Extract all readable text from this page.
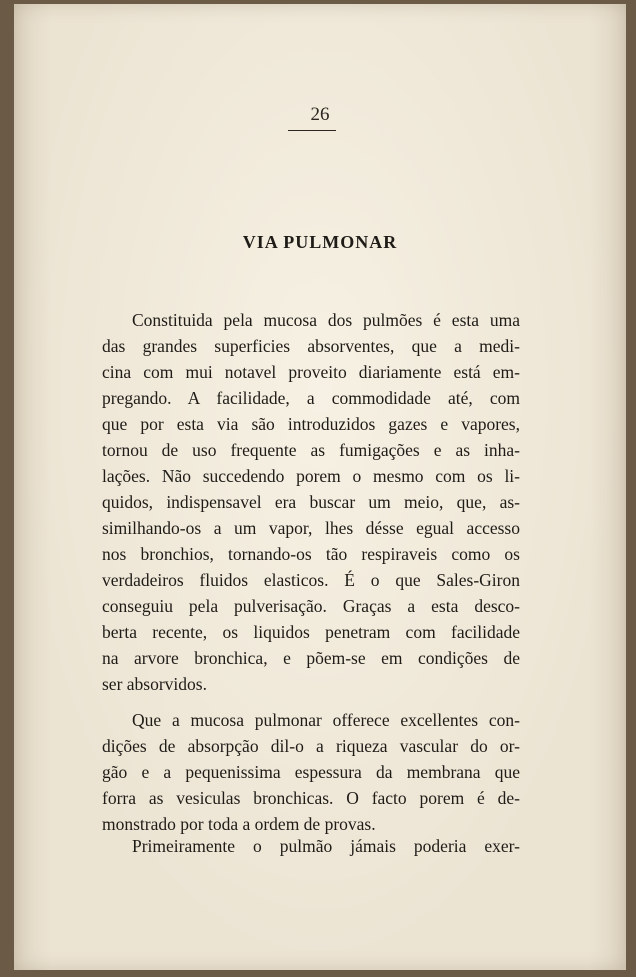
26
VIA PULMONAR
Constituida pela mucosa dos pulmões é esta uma
das grandes superficies absorventes, que a medi-
cina com mui notavel proveito diariamente está em-
pregando. A facilidade, a commodidade até, com
que por esta via são introduzidos gazes e vapores,
tornou de uso frequente as fumigações e as inha-
lações. Não succedendo porem o mesmo com os li-
quidos, indispensavel era buscar um meio, que, as-
similhando-os a um vapor, lhes désse egual accesso
nos bronchios, tornando-os tão respiraveis como os
verdadeiros fluidos elasticos. É o que Sales-Giron
conseguiu pela pulverisação. Graças a esta desco-
berta recente, os liquidos penetram com facilidade
na arvore bronchica, e põem-se em condições de
ser absorvidos.
Que a mucosa pulmonar offerece excellentes con-
dições de absorpção dil-o a riqueza vascular do or-
gão e a pequenissima espessura da membrana que
forra as vesiculas bronchicas. O facto porem é de-
monstrado por toda a ordem de provas.
Primeiramente o pulmão jámais poderia exer-
